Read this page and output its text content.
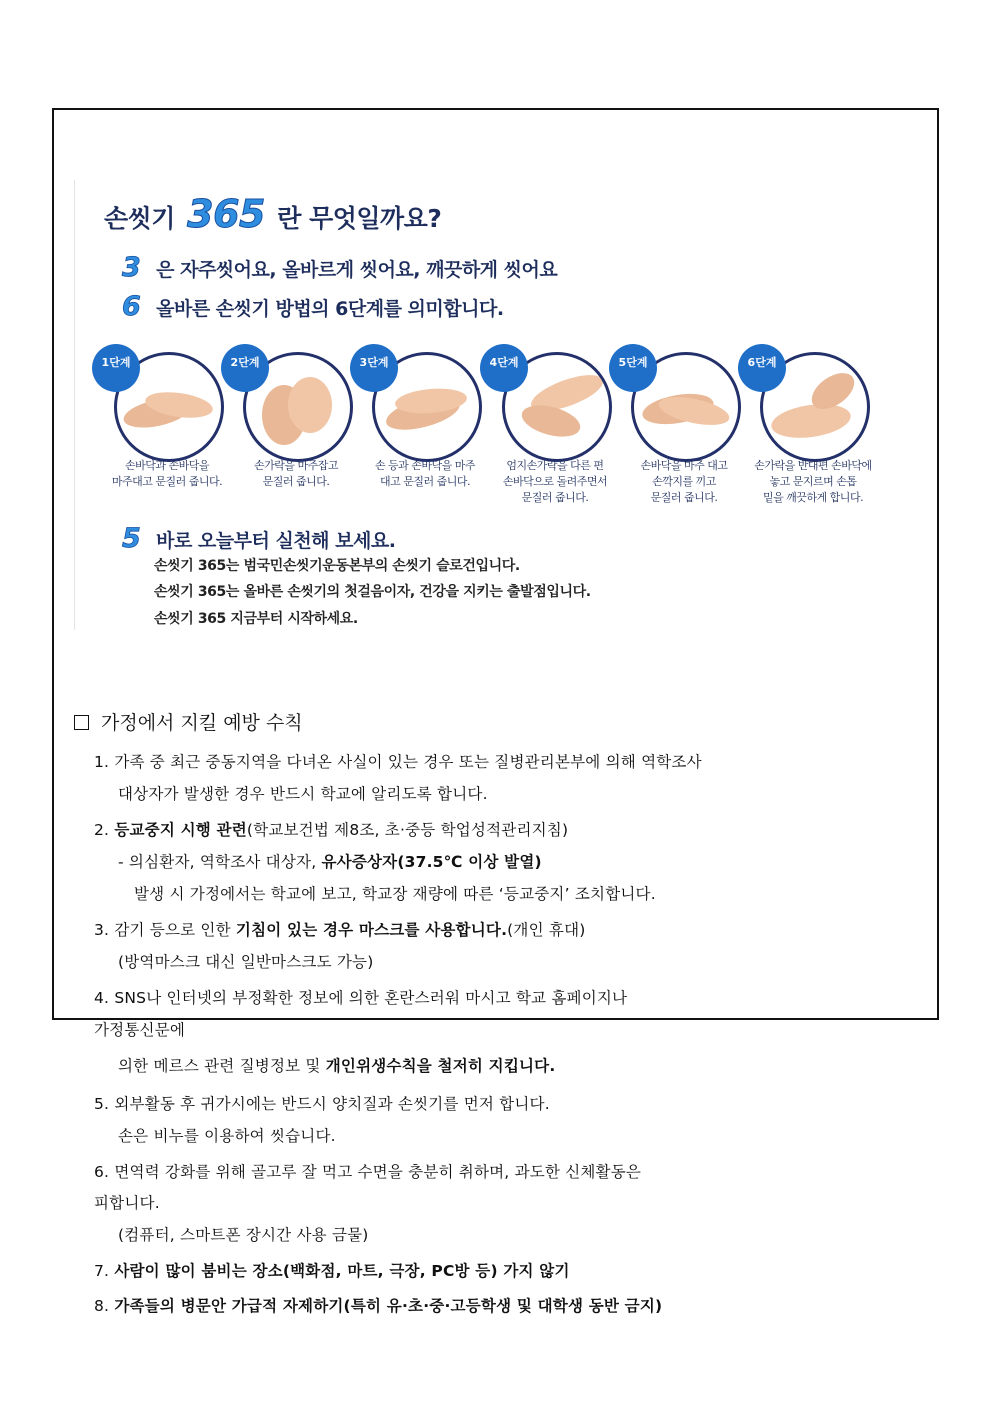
손씻기 365 란 무엇일까요?
3 은 자주씻어요, 올바르게 씻어요, 깨끗하게 씻어요
6 올바른 손씻기 방법의 6단계를 의미합니다.
1단계
손바닥과 손바닥을
마주대고 문질러 줍니다.
2단계
손가락을 마주잡고
문질러 줍니다.
3단계
손 등과 손바닥을 마주
대고 문질러 줍니다.
4단계
엄지손가락을 다른 편
손바닥으로 돌려주면서
문질러 줍니다.
5단계
손바닥을 마주 대고
손깍지를 끼고
문질러 줍니다.
6단계
손가락을 반대편 손바닥에
놓고 문지르며 손톱
밑을 깨끗하게 합니다.
5 바로 오늘부터 실천해 보세요.
손씻기 365는 범국민손씻기운동본부의 손씻기 슬로건입니다.
손씻기 365는 올바른 손씻기의 첫걸음이자, 건강을 지키는 출발점입니다.
손씻기 365 지금부터 시작하세요.
가정에서 지킬 예방 수칙
1. 가족 중 최근 중동지역을 다녀온 사실이 있는 경우 또는 질병관리본부에 의해 역학조사
대상자가 발생한 경우 반드시 학교에 알리도록 합니다.
2. 등교중지 시행 관련(학교보건법 제8조, 초·중등 학업성적관리지침)
- 의심환자, 역학조사 대상자, 유사증상자(37.5℃ 이상 발열)
발생 시 가정에서는 학교에 보고, 학교장 재량에 따른 ‘등교중지’ 조치합니다.
3. 감기 등으로 인한 기침이 있는 경우 마스크를 사용합니다.(개인 휴대)
(방역마스크 대신 일반마스크도 가능)
4. SNS나 인터넷의 부정확한 정보에 의한 혼란스러워 마시고 학교 홈페이지나
가정통신문에
의한 메르스 관련 질병정보 및 개인위생수칙을 철저히 지킵니다.
5. 외부활동 후 귀가시에는 반드시 양치질과 손씻기를 먼저 합니다.
손은 비누를 이용하여 씻습니다.
6. 면역력 강화를 위해 골고루 잘 먹고 수면을 충분히 취하며, 과도한 신체활동은
피합니다.
(컴퓨터, 스마트폰 장시간 사용 금물)
7. 사람이 많이 붐비는 장소(백화점, 마트, 극장, PC방 등) 가지 않기
8. 가족들의 병문안 가급적 자제하기(특히 유·초·중·고등학생 및 대학생 동반 금지)
